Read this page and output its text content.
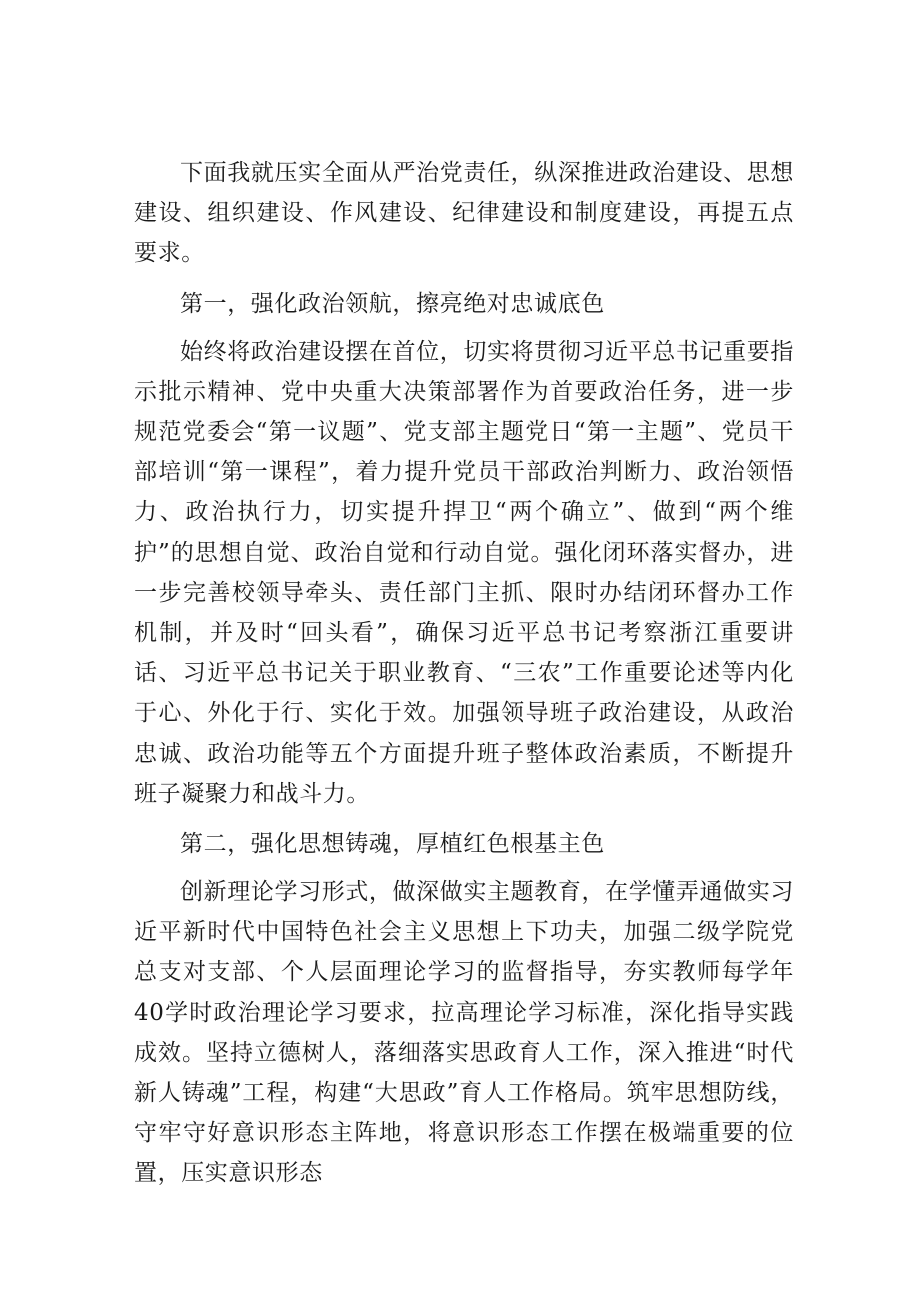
下面我就压实全面从严治党责任，纵深推进政治建设、思想建设、组织建设、作风建设、纪律建设和制度建设，再提五点要求。

第一，强化政治领航，擦亮绝对忠诚底色

始终将政治建设摆在首位，切实将贯彻习近平总书记重要指示批示精神、党中央重大决策部署作为首要政治任务，进一步规范党委会“第一议题”、党支部主题党日“第一主题”、党员干部培训“第一课程”，着力提升党员干部政治判断力、政治领悟力、政治执行力，切实提升捍卫“两个确立”、做到“两个维护”的思想自觉、政治自觉和行动自觉。强化闭环落实督办，进一步完善校领导牵头、责任部门主抓、限时办结闭环督办工作机制，并及时“回头看”，确保习近平总书记考察浙江重要讲话、习近平总书记关于职业教育、“三农”工作重要论述等内化于心、外化于行、实化于效。加强领导班子政治建设，从政治忠诚、政治功能等五个方面提升班子整体政治素质，不断提升班子凝聚力和战斗力。

第二，强化思想铸魂，厚植红色根基主色

创新理论学习形式，做深做实主题教育，在学懂弄通做实习近平新时代中国特色社会主义思想上下功夫，加强二级学院党总支对支部、个人层面理论学习的监督指导，夯实教师每学年40学时政治理论学习要求，拉高理论学习标准，深化指导实践成效。坚持立德树人，落细落实思政育人工作，深入推进“时代新人铸魂”工程，构建“大思政”育人工作格局。筑牢思想防线，守牢守好意识形态主阵地，将意识形态工作摆在极端重要的位置，压实意识形态
